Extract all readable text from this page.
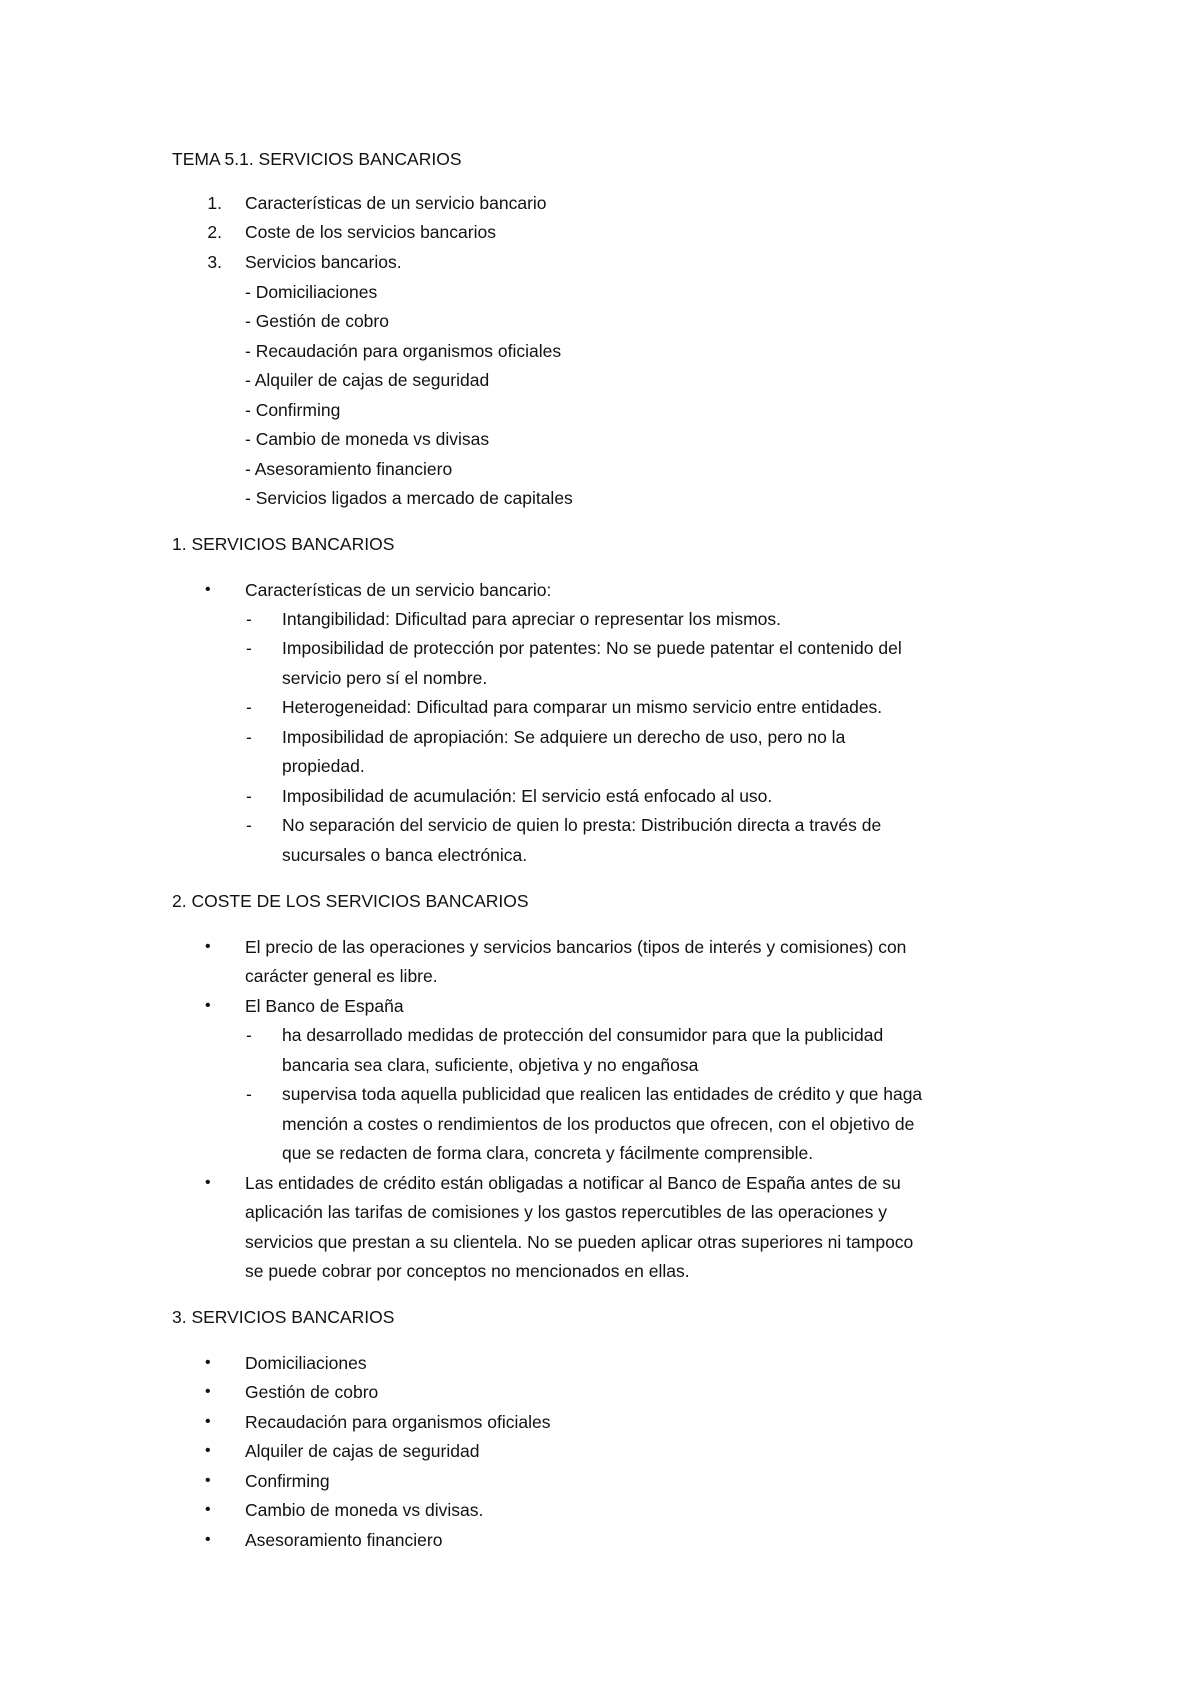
TEMA 5.1. SERVICIOS BANCARIOS
1. Características de un servicio bancario
2. Coste de los servicios bancarios
3. Servicios bancarios.
- Domiciliaciones
- Gestión de cobro
- Recaudación para organismos oficiales
- Alquiler de cajas de seguridad
- Confirming
- Cambio de moneda vs divisas
- Asesoramiento financiero
- Servicios ligados a mercado de capitales
1. SERVICIOS BANCARIOS
• Características de un servicio bancario:
- Intangibilidad: Dificultad para apreciar o representar los mismos.
- Imposibilidad de protección por patentes: No se puede patentar el contenido del
servicio pero sí el nombre.
- Heterogeneidad: Dificultad para comparar un mismo servicio entre entidades.
- Imposibilidad de apropiación: Se adquiere un derecho de uso, pero no la
propiedad.
- Imposibilidad de acumulación: El servicio está enfocado al uso.
- No separación del servicio de quien lo presta: Distribución directa a través de
sucursales o banca electrónica.
2. COSTE DE LOS SERVICIOS BANCARIOS
• El precio de las operaciones y servicios bancarios (tipos de interés y comisiones) con
carácter general es libre.
• El Banco de España
- ha desarrollado medidas de protección del consumidor para que la publicidad
bancaria sea clara, suficiente, objetiva y no engañosa
- supervisa toda aquella publicidad que realicen las entidades de crédito y que haga
mención a costes o rendimientos de los productos que ofrecen, con el objetivo de
que se redacten de forma clara, concreta y fácilmente comprensible.
• Las entidades de crédito están obligadas a notificar al Banco de España antes de su
aplicación las tarifas de comisiones y los gastos repercutibles de las operaciones y
servicios que prestan a su clientela. No se pueden aplicar otras superiores ni tampoco
se puede cobrar por conceptos no mencionados en ellas.
3. SERVICIOS BANCARIOS
• Domiciliaciones
• Gestión de cobro
• Recaudación para organismos oficiales
• Alquiler de cajas de seguridad
• Confirming
• Cambio de moneda vs divisas.
• Asesoramiento financiero
